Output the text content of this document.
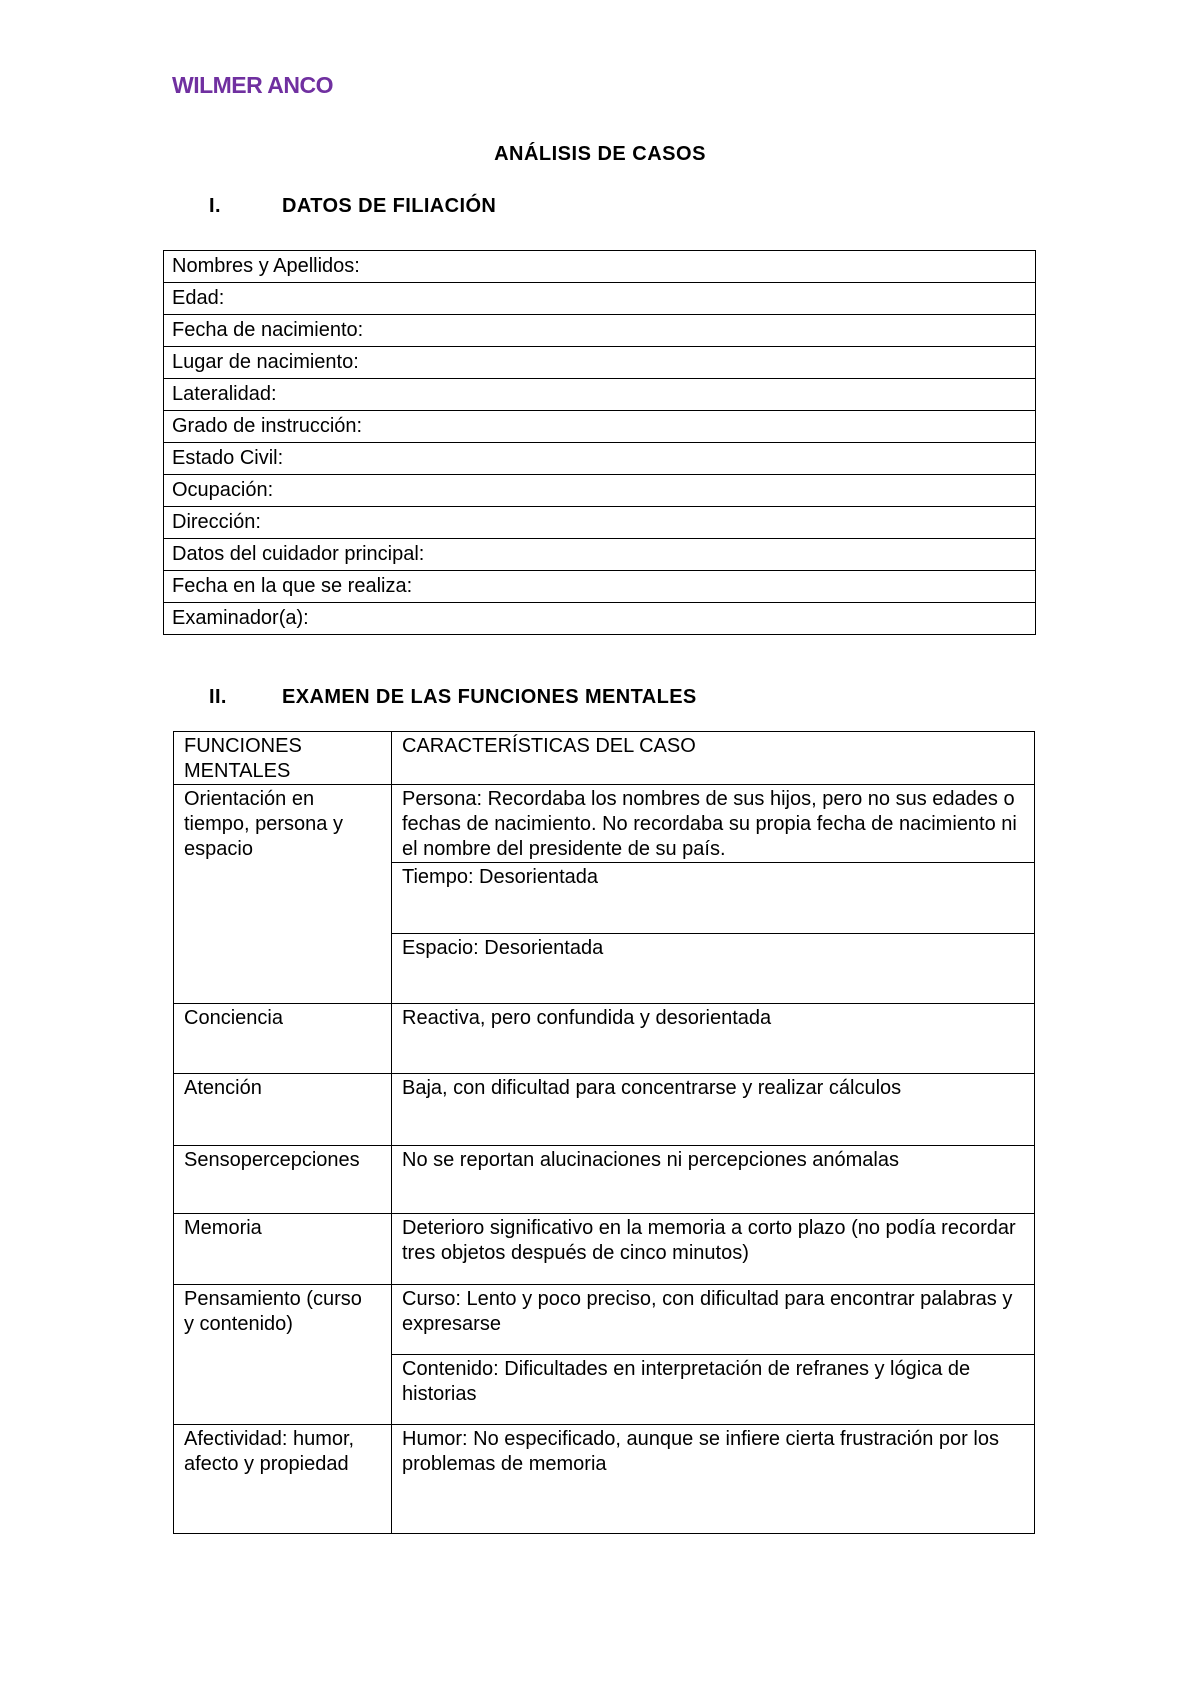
WILMER ANCO
ANÁLISIS DE CASOS
I.	DATOS DE FILIACIÓN
Nombres y Apellidos:
Edad:
Fecha de nacimiento:
Lugar de nacimiento:
Lateralidad:
Grado de instrucción:
Estado Civil:
Ocupación:
Dirección:
Datos del cuidador principal:
Fecha en la que se realiza:
Examinador(a):
II.	EXAMEN DE LAS FUNCIONES MENTALES
FUNCIONES MENTALES	CARACTERÍSTICAS DEL CASO

Orientación en tiempo, persona y espacio	Persona: Recordaba los nombres de sus hijos, pero no sus edades o fechas de nacimiento. No recordaba su propia fecha de nacimiento ni el nombre del presidente de su país.
	Tiempo: Desorientada
	Espacio: Desorientada
Conciencia	Reactiva, pero confundida y desorientada
Atención	Baja, con dificultad para concentrarse y realizar cálculos

Sensopercepciones	No se reportan alucinaciones ni percepciones anómalas
Memoria	Deterioro significativo en la memoria a corto plazo (no podía recordar tres objetos después de cinco minutos)

Pensamiento (curso y contenido)	Curso: Lento y poco preciso, con dificultad para encontrar palabras y expresarse
	Contenido: Dificultades en interpretación de refranes y lógica de historias

Afectividad: humor, afecto y propiedad	Humor: No especificado, aunque se infiere cierta frustración por los problemas de memoria
